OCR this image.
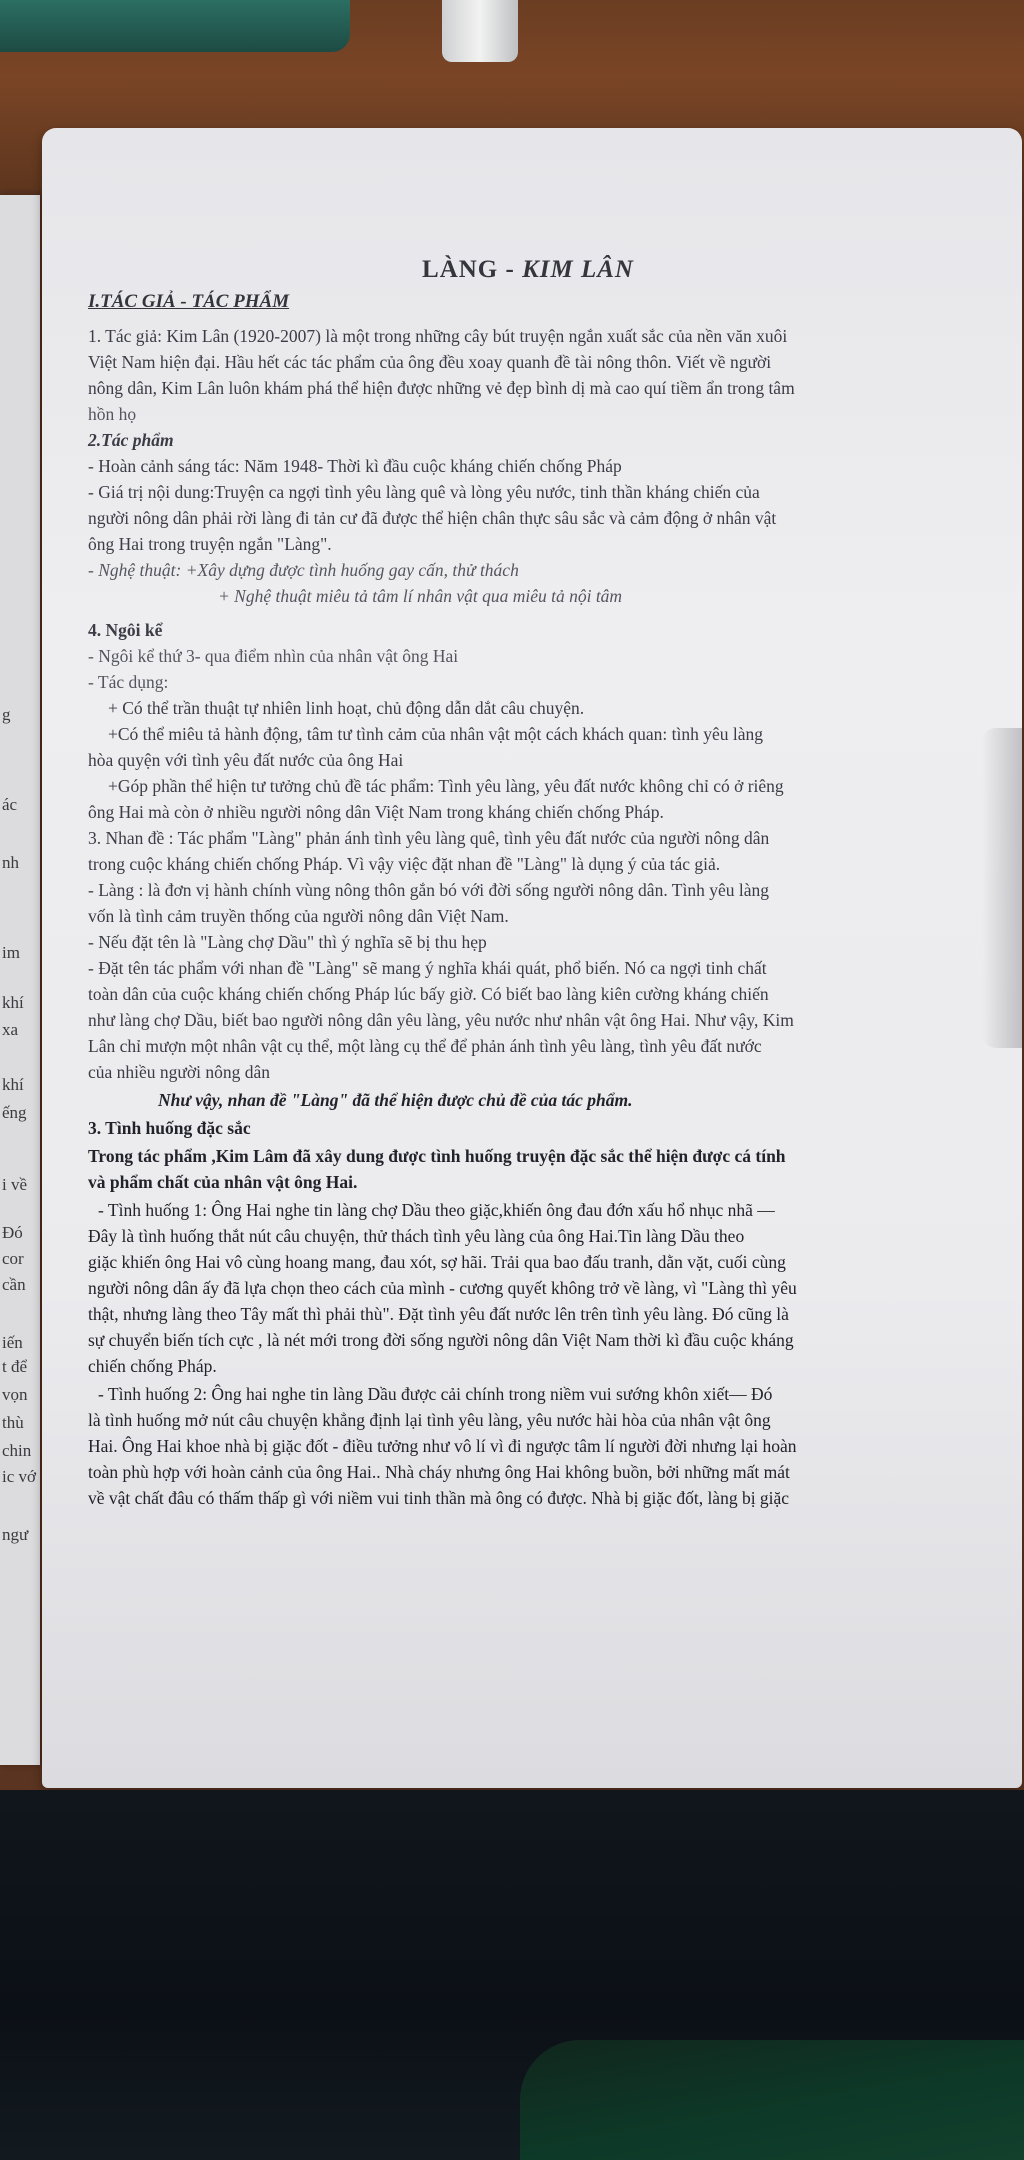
g
ác
nh
im
khí
xa
khí
ếng
i về
Đó
cor
cần
iến
t để
vọn
thù
chin
ic vớ
ngư
LÀNG - KIM LÂN
I.TÁC GIẢ - TÁC PHẨM
1. Tác giả: Kim Lân (1920-2007) là một trong những cây bút truyện ngắn xuất sắc của nền văn xuôi
Việt Nam hiện đại. Hầu hết các tác phẩm của ông đều xoay quanh đề tài nông thôn. Viết về người
nông dân, Kim Lân luôn khám phá thể hiện được những vẻ đẹp bình dị mà cao quí tiềm ẩn trong tâm
hồn họ
2.Tác phẩm
- Hoàn cảnh sáng tác: Năm 1948- Thời kì đầu cuộc kháng chiến chống Pháp
- Giá trị nội dung:Truyện ca ngợi tình yêu làng quê và lòng yêu nước, tinh thần kháng chiến của
người nông dân phải rời làng đi tản cư đã được thể hiện chân thực sâu sắc và cảm động ở nhân vật
ông Hai trong truyện ngắn "Làng".
- Nghệ thuật: +Xây dựng được tình huống gay cấn, thử thách
+ Nghệ thuật miêu tả tâm lí nhân vật qua miêu tả nội tâm
4. Ngôi kể
- Ngôi kể thứ 3- qua điểm nhìn của nhân vật ông Hai
- Tác dụng:
+ Có thể trần thuật tự nhiên linh hoạt, chủ động dẫn dắt câu chuyện.
+Có thể miêu tả hành động, tâm tư tình cảm của nhân vật một cách khách quan: tình yêu làng
hòa quyện với tình yêu đất nước của ông Hai
+Góp phần thể hiện tư tưởng chủ đề tác phẩm: Tình yêu làng, yêu đất nước không chỉ có ở riêng
ông Hai mà còn ở nhiều người nông dân Việt Nam trong kháng chiến chống Pháp.
3. Nhan đề : Tác phẩm "Làng" phản ánh tình yêu làng quê, tình yêu đất nước của người nông dân
trong cuộc kháng chiến chống Pháp. Vì vậy việc đặt nhan đề "Làng" là dụng ý của tác giả.
- Làng : là đơn vị hành chính vùng nông thôn gắn bó với đời sống người nông dân. Tình yêu làng
vốn là tình cảm truyền thống của người nông dân Việt Nam.
- Nếu đặt tên là "Làng chợ Dầu" thì ý nghĩa sẽ bị thu hẹp
- Đặt tên tác phẩm với nhan đề "Làng" sẽ mang ý nghĩa khái quát, phổ biến. Nó ca ngợi tinh chất
toàn dân của cuộc kháng chiến chống Pháp lúc bấy giờ. Có biết bao làng kiên cường kháng chiến
như làng chợ Dầu, biết bao người nông dân yêu làng, yêu nước như nhân vật ông Hai. Như vậy, Kim
Lân chỉ mượn một nhân vật cụ thể, một làng cụ thể để phản ánh tình yêu làng, tình yêu đất nước
của nhiều người nông dân
Như vậy, nhan đề "Làng" đã thể hiện được chủ đề của tác phẩm.
3. Tình huống đặc sắc
Trong tác phẩm ,Kim Lâm đã xây dung được tình huống truyện đặc sắc thể hiện được cá tính
và phẩm chất của nhân vật ông Hai.
- Tình huống 1: Ông Hai nghe tin làng chợ Dầu theo giặc,khiến ông đau đớn xấu hổ nhục nhã —
Đây là tình huống thắt nút câu chuyện, thử thách tình yêu làng của ông Hai.Tin làng Dầu theo
giặc khiến ông Hai vô cùng hoang mang, đau xót, sợ hãi. Trải qua bao đấu tranh, dằn vặt, cuối cùng
người nông dân ấy đã lựa chọn theo cách của mình - cương quyết không trở về làng, vì "Làng thì yêu
thật, nhưng làng theo Tây mất thì phải thù". Đặt tình yêu đất nước lên trên tình yêu làng. Đó cũng là
sự chuyển biến tích cực , là nét mới trong đời sống người nông dân Việt Nam thời kì đầu cuộc kháng
chiến chống Pháp.
- Tình huống 2: Ông hai nghe tin làng Dầu được cải chính trong niềm vui sướng khôn xiết— Đó
là tình huống mở nút câu chuyện khẳng định lại tình yêu làng, yêu nước hài hòa của nhân vật ông
Hai. Ông Hai khoe nhà bị giặc đốt - điều tưởng như vô lí vì đi ngược tâm lí người đời nhưng lại hoàn
toàn phù hợp với hoàn cảnh của ông Hai.. Nhà cháy nhưng ông Hai không buồn, bởi những mất mát
về vật chất đâu có thấm thấp gì với niềm vui tinh thần mà ông có được. Nhà bị giặc đốt, làng bị giặc
